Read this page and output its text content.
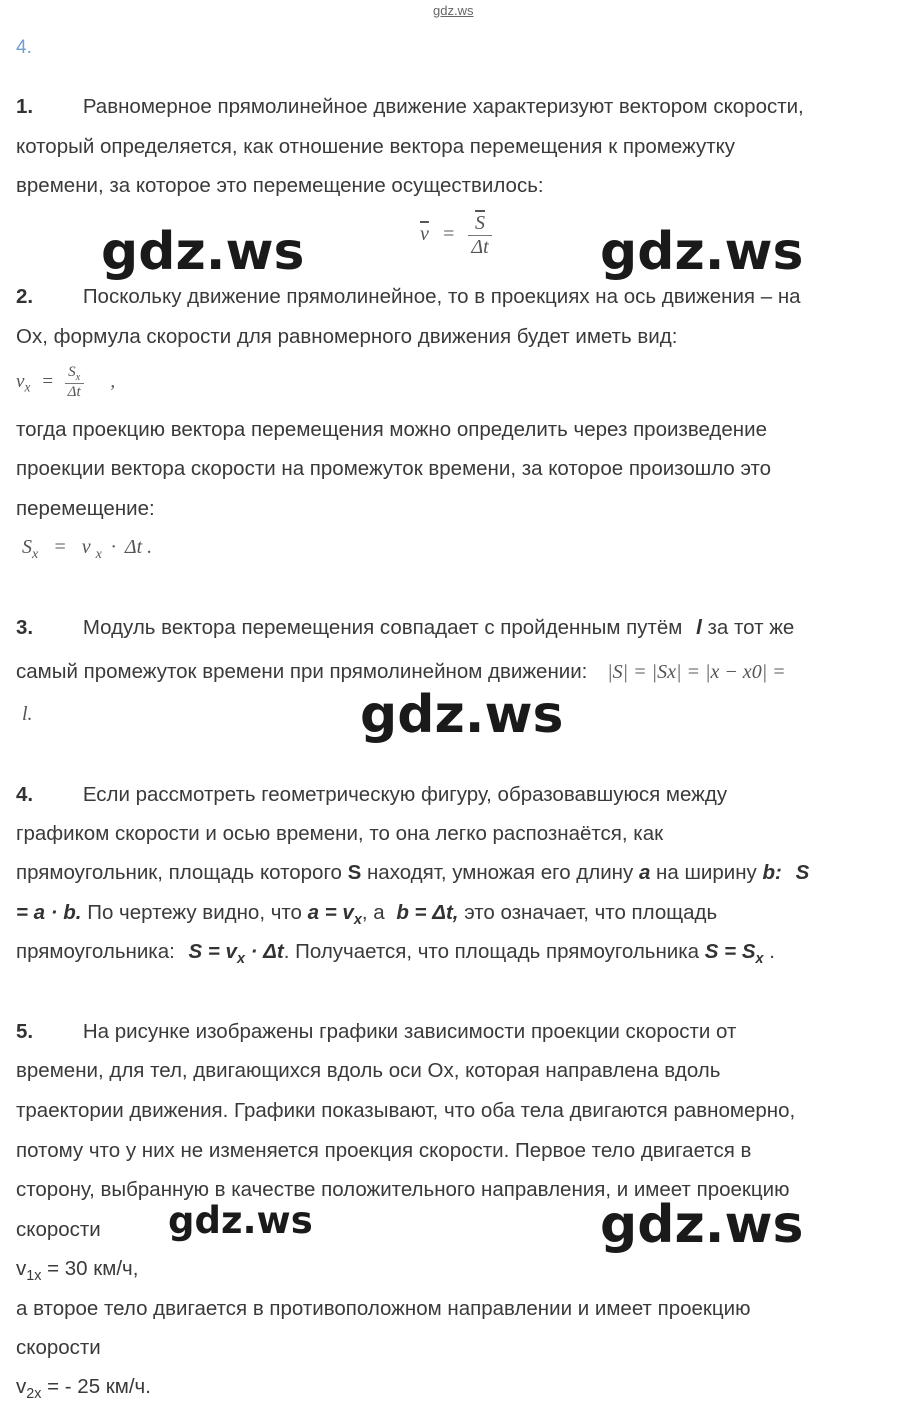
gdz.ws
4.
1. Равномерное прямолинейное движение характеризуют вектором скорости,
который определяется, как отношение вектора перемещения к промежутку
времени, за которое это перемещение осуществилось:
$\overline{v} = \frac{\overline{S}}{\Delta t}$
2. Поскольку движение прямолинейное, то в проекциях на ось движения – на
Ox, формула скорости для равномерного движения будет иметь вид:
$v_x = \frac{S_x}{\Delta t}$ ,
тогда проекцию вектора перемещения можно определить через произведение
проекции вектора скорости на промежуток времени, за которое произошло это
перемещение:
$S_x = v$ $_x$ · Δt .
3. Модуль вектора перемещения совпадает с пройденным путём l за тот же
самый промежуток времени при прямолинейном движении: |S| = |Sx| = |x − x0| =
l.
4. Если рассмотреть геометрическую фигуру, образовавшуюся между
графиком скорости и осью времени, то она легко распознаётся, как
прямоугольник, площадь которого S находят, умножая его длину a на ширину b: S
= a · b. По чертежу видно, что $a = v_x$, а b = Δt, это означает, что площадь
прямоугольника: $S = v_x \cdot \Delta t$. Получается, что площадь прямоугольника $S = S_x$ .
5. На рисунке изображены графики зависимости проекции скорости от
времени, для тел, двигающихся вдоль оси Ox, которая направлена вдоль
траектории движения. Графики показывают, что оба тела двигаются равномерно,
потому что у них не изменяется проекция скорости. Первое тело двигается в
сторону, выбранную в качестве положительного направления, и имеет проекцию
скорости
$v_{1x} = 30$ км/ч,
а второе тело двигается в противоположном направлении и имеет проекцию
скорости
$v_{2x}$ = - 25 км/ч.
gdz.ws	gdz.ws
gdz.ws
gdz.ws	gdz.ws
